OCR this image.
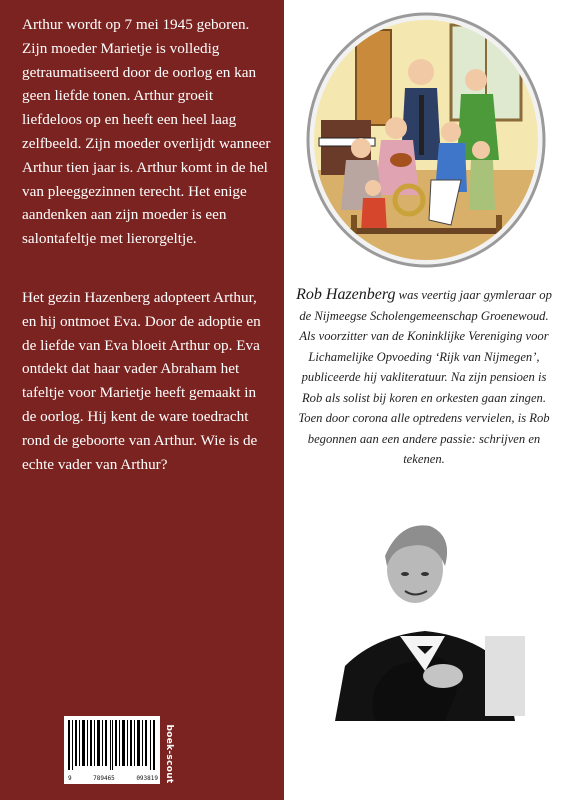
Arthur wordt op 7 mei 1945 geboren. Zijn moeder Marietje is volledig getraumatiseerd door de oorlog en kan geen liefde tonen. Arthur groeit liefdeloos op en heeft een heel laag zelfbeeld. Zijn moeder overlijdt wanneer Arthur tien jaar is. Arthur komt in de hel van pleeggezinnen terecht. Het enige aandenken aan zijn moeder is een salontafeltje met lierorgeltje.

Het gezin Hazenberg adopteert Arthur, en hij ontmoet Eva. Door de adoptie en de liefde van Eva bloeit Arthur op. Eva ontdekt dat haar vader Abraham het tafeltje voor Marietje heeft gemaakt in de oorlog. Hij kent de ware toedracht rond de geboorte van Arthur. Wie is de echte vader van Arthur?

Rob Hazenberg was veertig jaar gymleraar op de Nijmeegse Scholengemeenschap Groenewoud. Als voorzitter van de Koninklijke Vereniging voor Lichamelijke Opvoeding ‘Rijk van Nijmegen’, publiceerde hij vakliteratuur. Na zijn pensioen is Rob als solist bij koren en orkesten gaan zingen. Toen door corona alle optredens vervielen, is Rob begonnen aan een andere passie: schrijven en tekenen.

9	789465	093819 boek-scout
